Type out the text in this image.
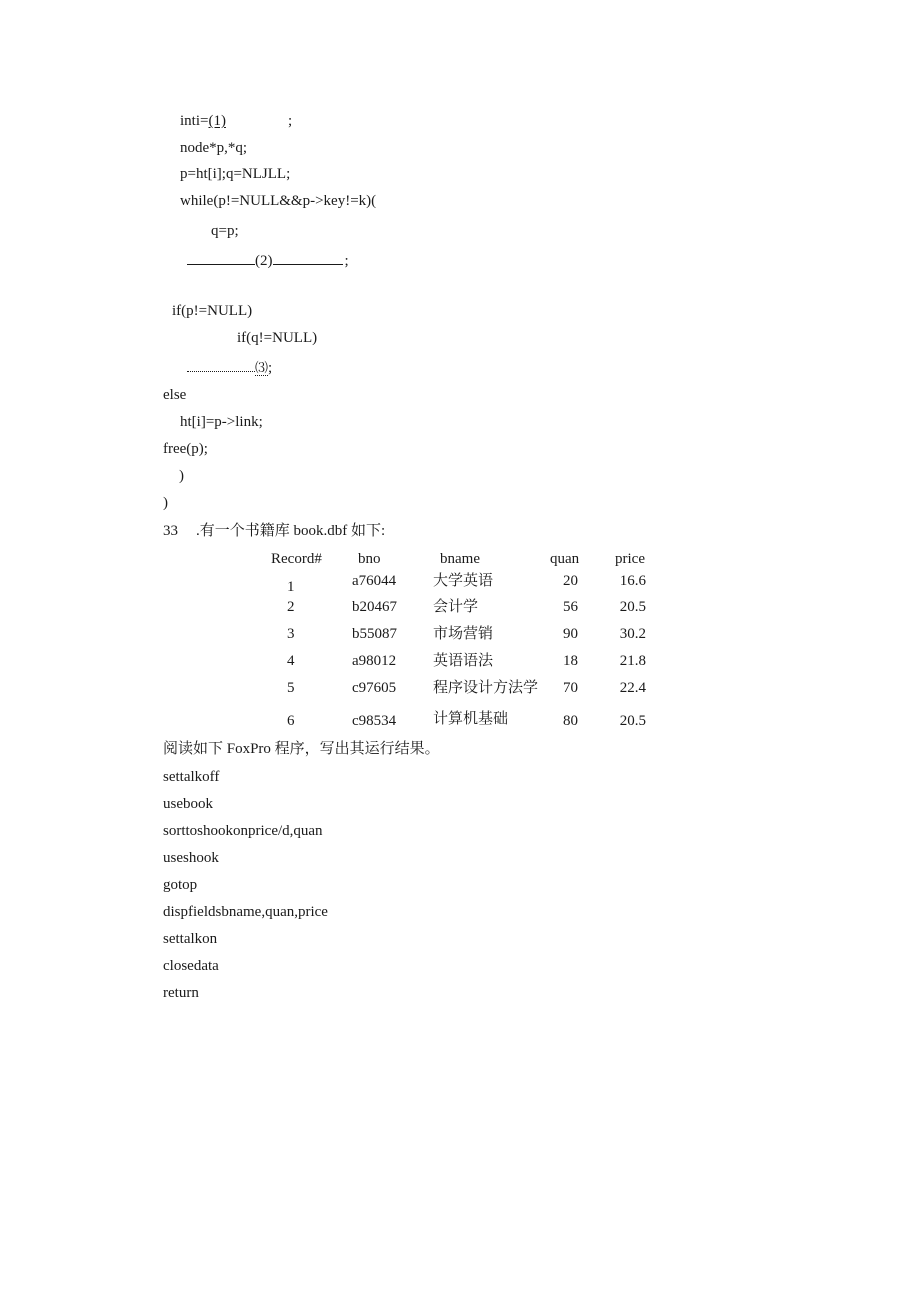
inti=(1)	;
node*p,*q;
p=ht[i];q=NLJLL;
while(p!=NULL&&p->key!=k)(
q=p;
(2)	;
if(p!=NULL)
if(q!=NULL)
⑶;
else
ht[i]=p->link;
free(p);
)
)
33 .有一个书籍库 book.dbf 如下:
Record# bno	bname	quan price
1	a76044 大学英语	20	16.6
2	b20467 会计学	56	20.5
3	b55087 市场营销	90	30.2
4	a98012 英语语法	18	21.8
5	c97605 程序设计方法学	70	22.4
6	c98534 计算机基础	80	20.5
阅读如下 FoxPro 程序，写出其运行结果。
settalkoff
usebook
sorttoshookonprice/d,quan
useshook
gotop
dispfieldsbname,quan,price
settalkon
closedata
return
